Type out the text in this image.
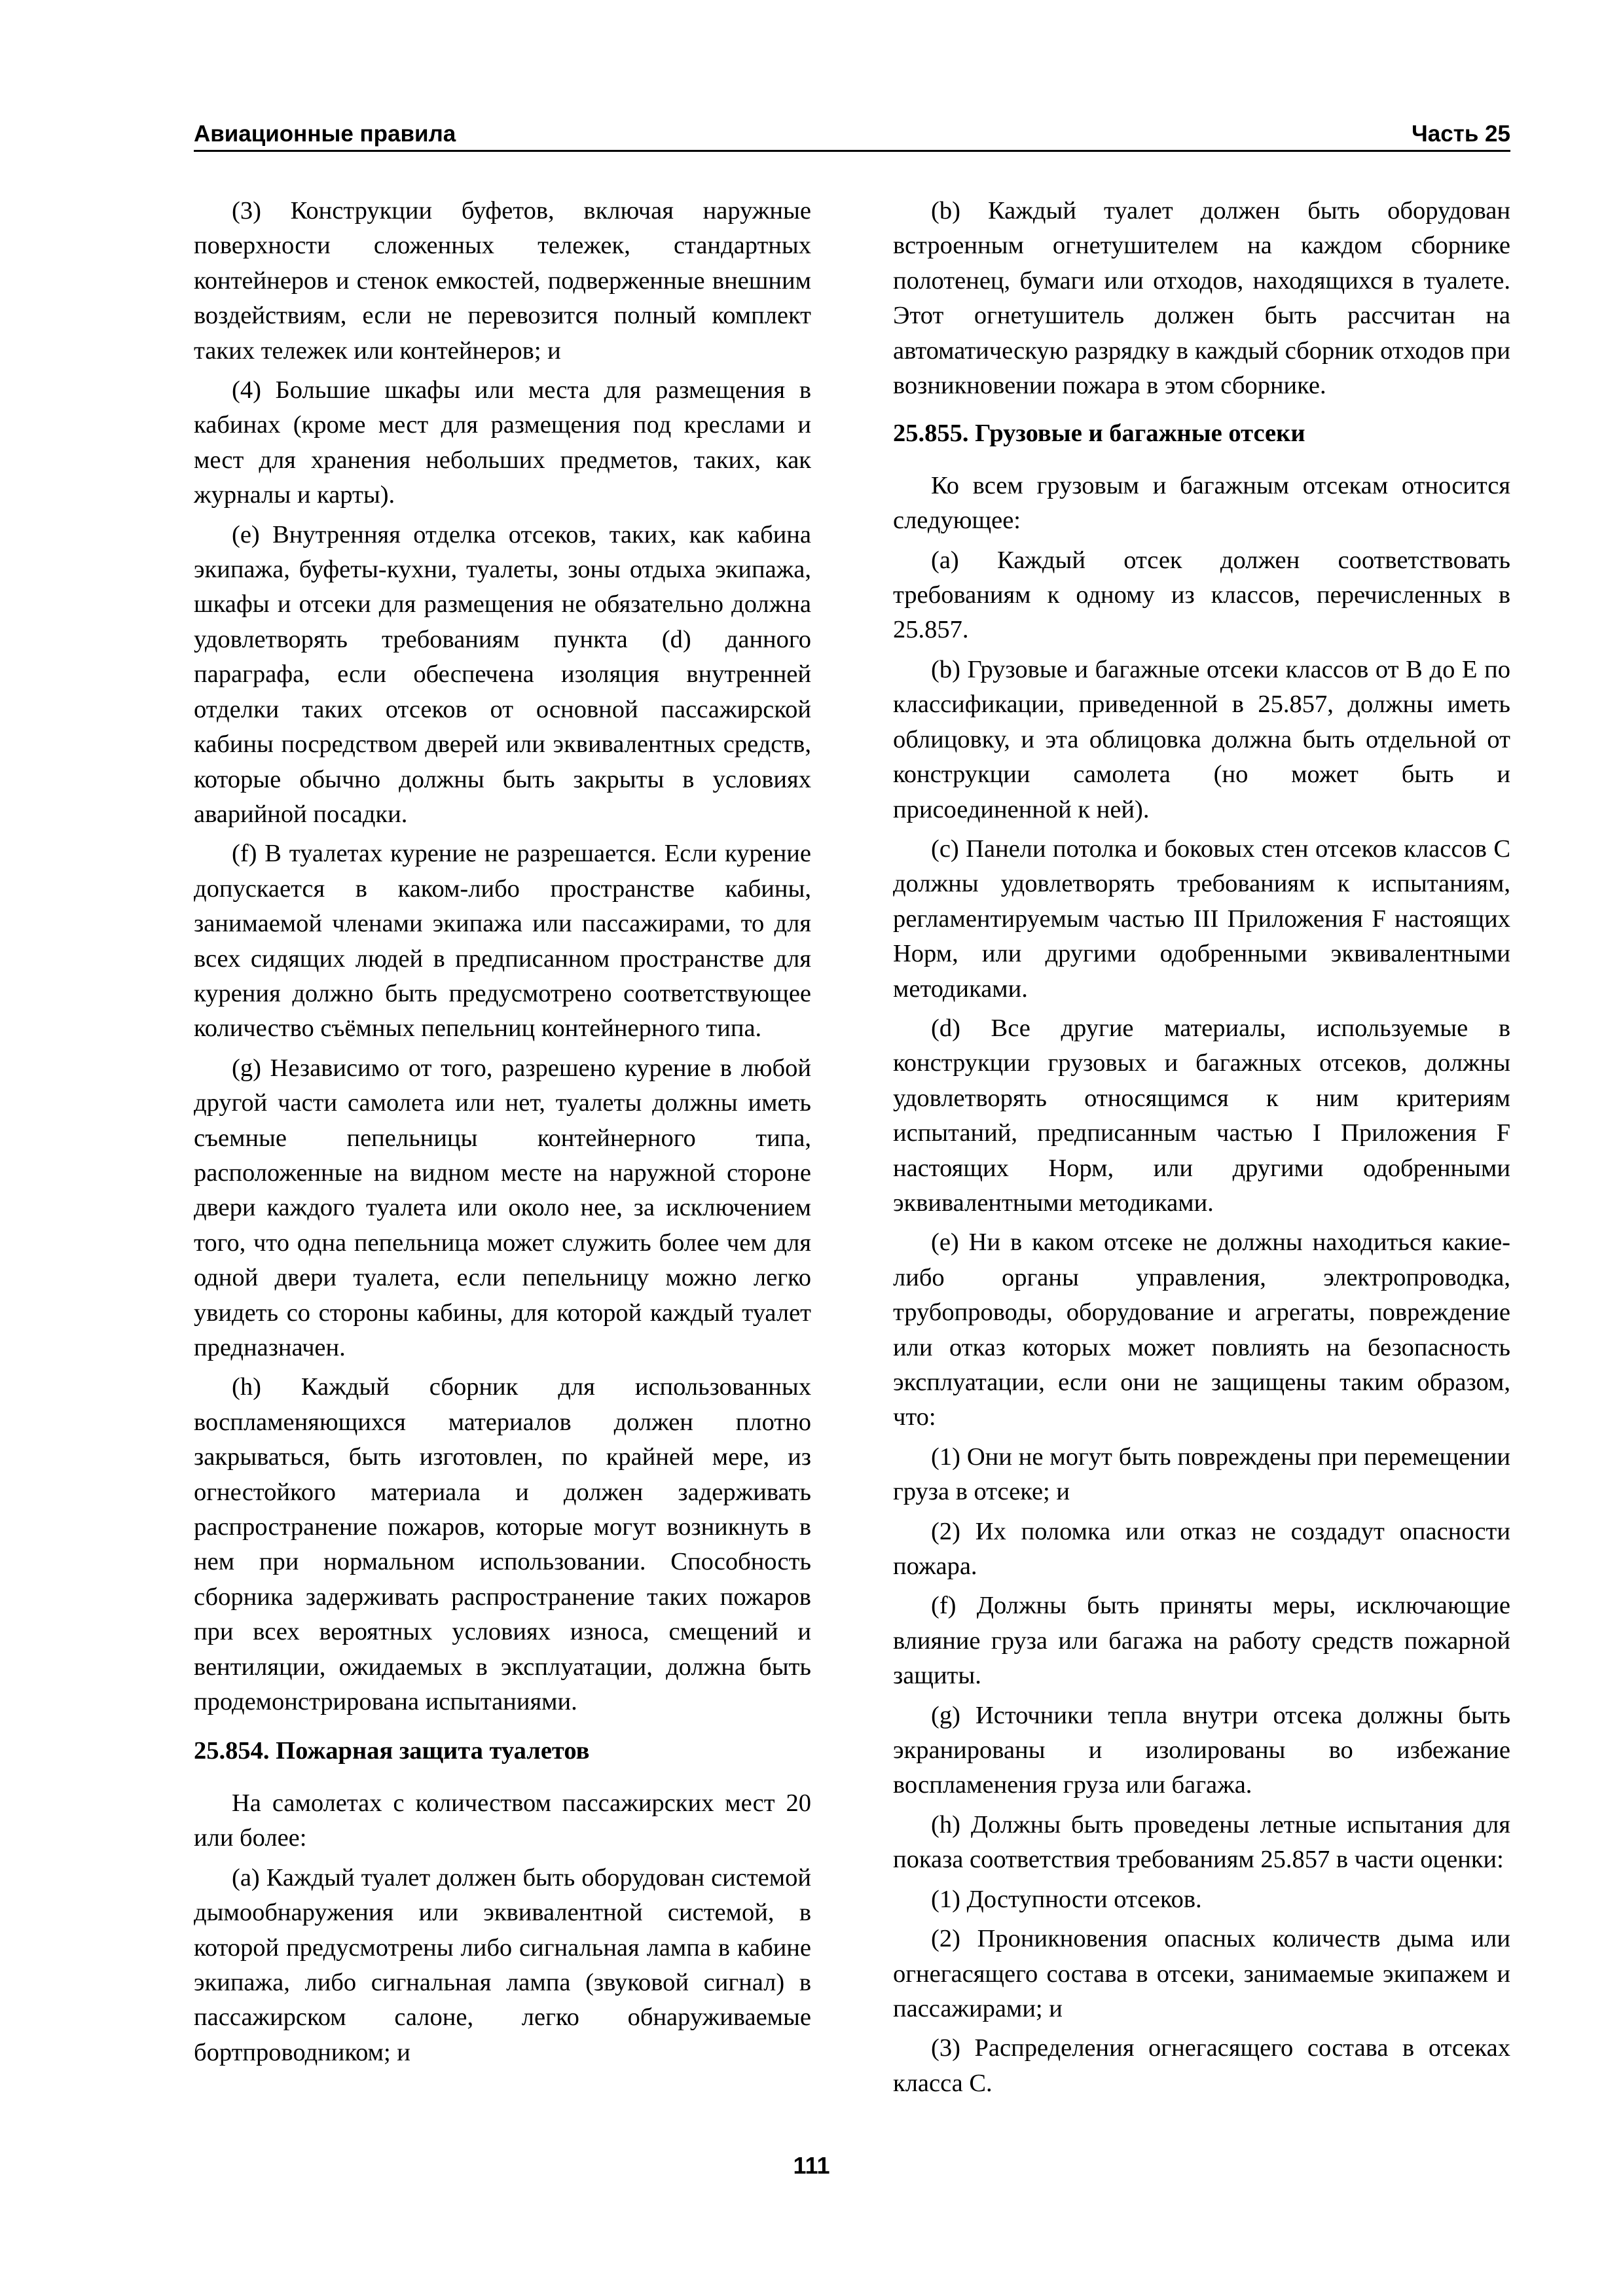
Авиационные правила	Часть 25

(3) Конструкции буфетов, включая наружные поверхности сложенных тележек, стандартных контейнеров и стенок емкостей, подверженные внешним воздействиям, если не перевозится полный комплект таких тележек или контейнеров; и

(4) Большие шкафы или места для размещения в кабинах (кроме мест для размещения под креслами и мест для хранения небольших предметов, таких, как журналы и карты).

(e) Внутренняя отделка отсеков, таких, как кабина экипажа, буфеты-кухни, туалеты, зоны отдыха экипажа, шкафы и отсеки для размещения не обязательно должна удовлетворять требованиям пункта (d) данного параграфа, если обеспечена изоляция внутренней отделки таких отсеков от основной пассажирской кабины посредством дверей или эквивалентных средств, которые обычно должны быть закрыты в условиях аварийной посадки.

(f) В туалетах курение не разрешается. Если курение допускается в каком-либо пространстве кабины, занимаемой членами экипажа или пассажирами, то для всех сидящих людей в предписанном пространстве для курения должно быть предусмотрено соответствующее количество съёмных пепельниц контейнерного типа.

(g) Независимо от того, разрешено курение в любой другой части самолета или нет, туалеты должны иметь съемные пепельницы контейнерного типа, расположенные на видном месте на наружной стороне двери каждого туалета или около нее, за исключением того, что одна пепельница может служить более чем для одной двери туалета, если пепельницу можно легко увидеть со стороны кабины, для которой каждый туалет предназначен.

(h) Каждый сборник для использованных воспламеняющихся материалов должен плотно закрываться, быть изготовлен, по крайней мере, из огнестойкого материала и должен задерживать распространение пожаров, которые могут возникнуть в нем при нормальном использовании. Способность сборника задерживать распространение таких пожаров при всех вероятных условиях износа, смещений и вентиляции, ожидаемых в эксплуатации, должна быть продемонстрирована испытаниями.

25.854. Пожарная защита туалетов

На самолетах с количеством пассажирских мест 20 или более:

(a) Каждый туалет должен быть оборудован системой дымообнаружения или эквивалентной системой, в которой предусмотрены либо сигнальная лампа в кабине экипажа, либо сигнальная лампа (звуковой сигнал) в пассажирском салоне, легко обнаруживаемые бортпроводником; и

(b) Каждый туалет должен быть оборудован встроенным огнетушителем на каждом сборнике полотенец, бумаги или отходов, находящихся в туалете. Этот огнетушитель должен быть рассчитан на автоматическую разрядку в каждый сборник отходов при возникновении пожара в этом сборнике.

25.855. Грузовые и багажные отсеки

Ко всем грузовым и багажным отсекам относится следующее:

(a) Каждый отсек должен соответствовать требованиям к одному из классов, перечисленных в 25.857.

(b) Грузовые и багажные отсеки классов от В до Е по классификации, приведенной в 25.857, должны иметь облицовку, и эта облицовка должна быть отдельной от конструкции самолета (но может быть и присоединенной к ней).

(c) Панели потолка и боковых стен отсеков классов С должны удовлетворять требованиям к испытаниям, регламентируемым частью III Приложения F настоящих Норм, или другими одобренными эквивалентными методиками.

(d) Все другие материалы, используемые в конструкции грузовых и багажных отсеков, должны удовлетворять относящимся к ним критериям испытаний, предписанным частью I Приложения F настоящих Норм, или другими одобренными эквивалентными методиками.

(e) Ни в каком отсеке не должны находиться какие-либо органы управления, электропроводка, трубопроводы, оборудование и агрегаты, повреждение или отказ которых может повлиять на безопасность эксплуатации, если они не защищены таким образом, что:

(1) Они не могут быть повреждены при перемещении груза в отсеке; и

(2) Их поломка или отказ не создадут опасности пожара.

(f) Должны быть приняты меры, исключающие влияние груза или багажа на работу средств пожарной защиты.

(g) Источники тепла внутри отсека должны быть экранированы и изолированы во избежание воспламенения груза или багажа.

(h) Должны быть проведены летные испытания для показа соответствия требованиям 25.857 в части оценки:

(1) Доступности отсеков.

(2) Проникновения опасных количеств дыма или огнегасящего состава в отсеки, занимаемые экипажем и пассажирами; и

(3) Распределения огнегасящего состава в отсеках класса С.

111
